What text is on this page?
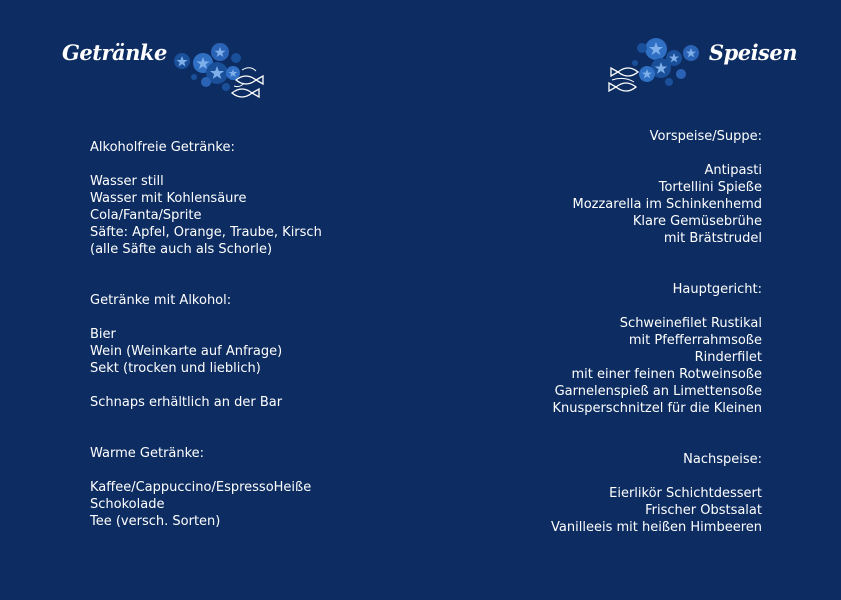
Getränke	Speisen
Alkoholfreie Getränke:
Wasser still
Wasser mit Kohlensäure
Cola/Fanta/Sprite
Säfte: Apfel, Orange, Traube, Kirsch
(alle Säfte auch als Schorle)
Getränke mit Alkohol:
Bier
Wein (Weinkarte auf Anfrage)
Sekt (trocken und lieblich)
Schnaps erhältlich an der Bar
Warme Getränke:
Kaffee/Cappuccino/EspressoHeiße
Schokolade
Tee (versch. Sorten)
Vorspeise/Suppe:
Antipasti
Tortellini Spieße
Mozzarella im Schinkenhemd
Klare Gemüsebrühe
mit Brätstrudel
Hauptgericht:
Schweinefilet Rustikal
mit Pfefferrahmsoße
Rinderfilet
mit einer feinen Rotweinsoße
Garnelenspieß an Limettensoße
Knusperschnitzel für die Kleinen
Nachspeise:
Eierlikör Schichtdessert
Frischer Obstsalat
Vanilleeis mit heißen Himbeeren
